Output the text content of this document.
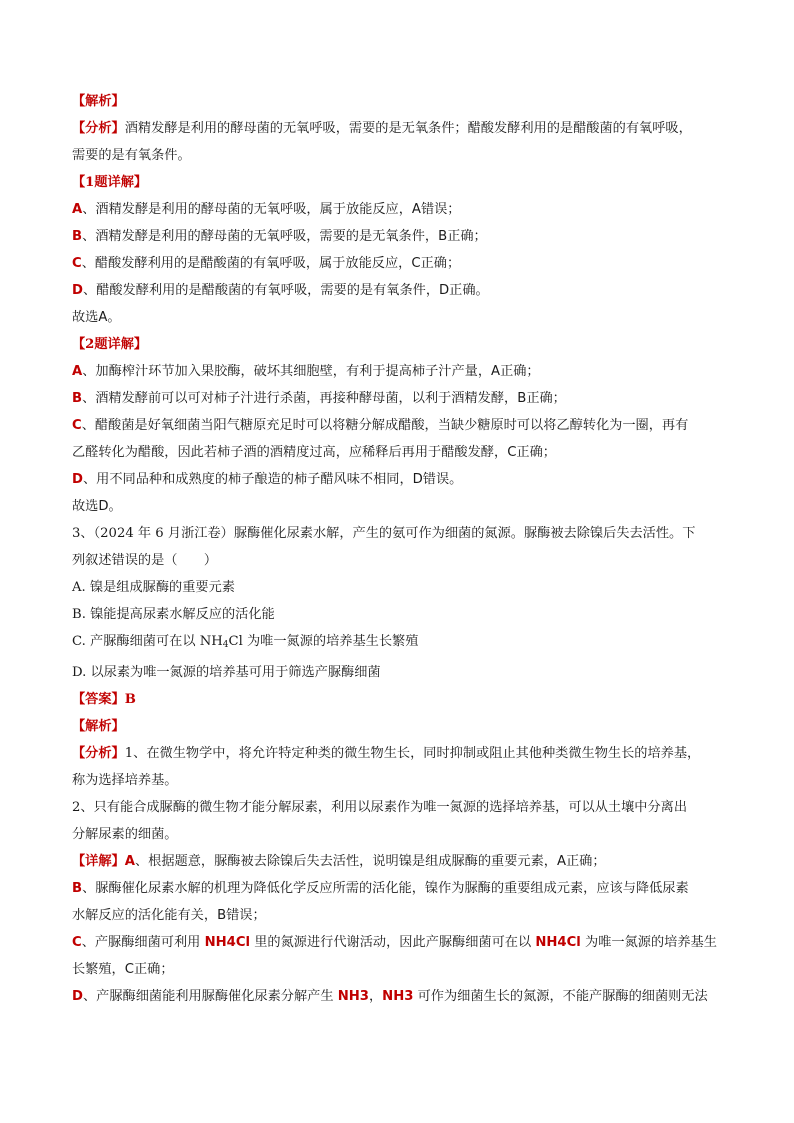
【解析】

【分析】酒精发酵是利用的酵母菌的无氧呼吸，需要的是无氧条件；醋酸发酵利用的是醋酸菌的有氧呼吸，

需要的是有氧条件。

【1题详解】

A、酒精发酵是利用的酵母菌的无氧呼吸，属于放能反应，A错误；

B、酒精发酵是利用的酵母菌的无氧呼吸，需要的是无氧条件，B正确；

C、醋酸发酵利用的是醋酸菌的有氧呼吸，属于放能反应，C正确；

D、醋酸发酵利用的是醋酸菌的有氧呼吸，需要的是有氧条件，D正确。

故选A。

【2题详解】

A、加酶榨汁环节加入果胶酶，破坏其细胞壁，有利于提高柿子汁产量，A正确；

B、酒精发酵前可以可对柿子汁进行杀菌，再接种酵母菌，以利于酒精发酵，B正确；

C、醋酸菌是好氧细菌当阳气糖原充足时可以将糖分解成醋酸，当缺少糖原时可以将乙醇转化为一圈，再有

乙醛转化为醋酸，因此若柿子酒的酒精度过高，应稀释后再用于醋酸发酵，C正确；

D、用不同品种和成熟度的柿子酿造的柿子醋风味不相同，D错误。

故选D。

3、（2024 年 6 月浙江卷）脲酶催化尿素水解，产生的氨可作为细菌的氮源。脲酶被去除镍后失去活性。下

列叙述错误的是（　　）

A. 镍是组成脲酶的重要元素

B. 镍能提高尿素水解反应的活化能

C. 产脲酶细菌可在以 $NH_4Cl$ 为唯一氮源的培养基生长繁殖

D. 以尿素为唯一氮源的培养基可用于筛选产脲酶细菌

【答案】B

【解析】

【分析】1、在微生物学中，将允许特定种类的微生物生长，同时抑制或阻止其他种类微生物生长的培养基，

称为选择培养基。

2、只有能合成脲酶的微生物才能分解尿素，利用以尿素作为唯一氮源的选择培养基，可以从土壤中分离出

分解尿素的细菌。

【详解】A、根据题意，脲酶被去除镍后失去活性，说明镍是组成脲酶的重要元素，A正确；

B、脲酶催化尿素水解的机理为降低化学反应所需的活化能，镍作为脲酶的重要组成元素，应该与降低尿素

水解反应的活化能有关，B错误；

C、产脲酶细菌可利用 NH4Cl 里的氮源进行代谢活动，因此产脲酶细菌可在以 NH4Cl 为唯一氮源的培养基生

长繁殖，C正确；

D、产脲酶细菌能利用脲酶催化尿素分解产生 NH3，NH3 可作为细菌生长的氮源，不能产脲酶的细菌则无法
